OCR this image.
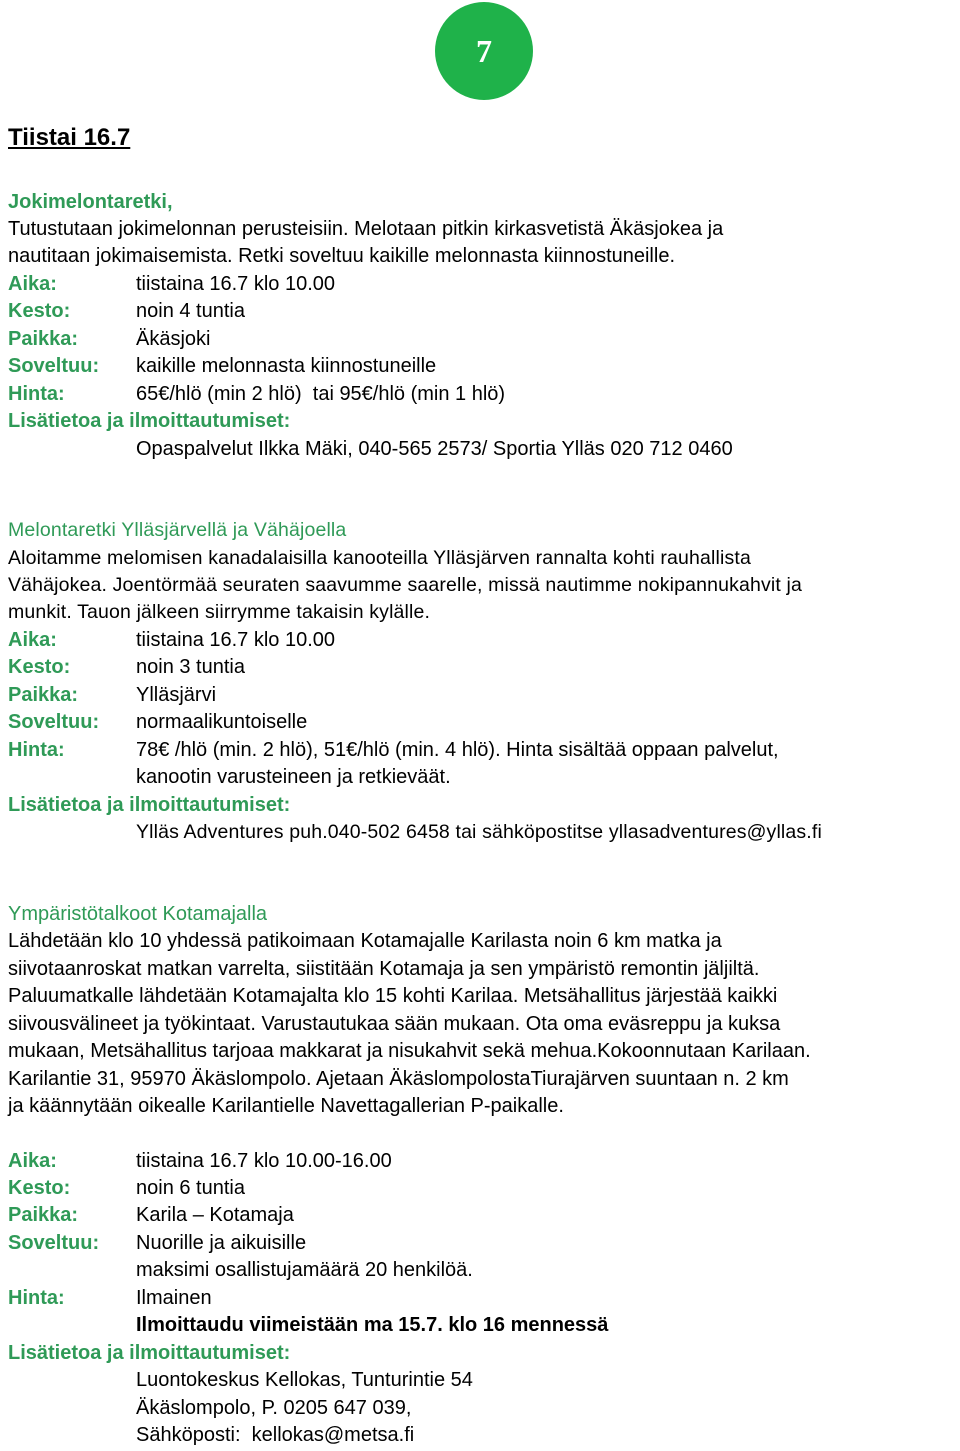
7
Tiistai 16.7
Jokimelontaretki,
Tutustutaan jokimelonnan perusteisiin. Melotaan pitkin kirkasvetistä Äkäsjokea ja
nautitaan jokimaisemista. Retki soveltuu kaikille melonnasta kiinnostuneille.
Aika:	tiistaina 16.7 klo 10.00
Kesto:	noin 4 tuntia
Paikka:	Äkäsjoki
Soveltuu: kaikille melonnasta kiinnostuneille
Hinta:	65€/hlö (min 2 hlö)  tai 95€/hlö (min 1 hlö)
Lisätietoa ja ilmoittautumiset:
Opaspalvelut Ilkka Mäki, 040-565 2573/ Sportia Ylläs 020 712 0460
Melontaretki Ylläsjärvellä ja Vähäjoella
Aloitamme melomisen kanadalaisilla kanooteilla Ylläsjärven rannalta kohti rauhallista
Vähäjokea. Joentörmää seuraten saavumme saarelle, missä nautimme nokipannukahvit ja
munkit. Tauon jälkeen siirrymme takaisin kylälle.
Aika:	tiistaina 16.7 klo 10.00
Kesto:	noin 3 tuntia
Paikka:	Ylläsjärvi
Soveltuu: normaalikuntoiselle
Hinta:	78€ /hlö (min. 2 hlö), 51€/hlö (min. 4 hlö). Hinta sisältää oppaan palvelut,
kanootin varusteineen ja retkieväät.
Lisätietoa ja ilmoittautumiset:
Ylläs Adventures puh.040-502 6458 tai sähköpostitse yllasadventures@yllas.fi
Ympäristötalkoot Kotamajalla
Lähdetään klo 10 yhdessä patikoimaan Kotamajalle Karilasta noin 6 km matka ja
siivotaanroskat matkan varrelta, siistitään Kotamaja ja sen ympäristö remontin jäljiltä.
Paluumatkalle lähdetään Kotamajalta klo 15 kohti Karilaa. Metsähallitus järjestää kaikki
siivousvälineet ja työkintaat. Varustautukaa sään mukaan. Ota oma eväsreppu ja kuksa
mukaan, Metsähallitus tarjoaa makkarat ja nisukahvit sekä mehua.Kokoonnutaan Karilaan.
Karilantie 31, 95970 Äkäslompolo. Ajetaan ÄkäslompolostaTiurajärven suuntaan n. 2 km
ja käännytään oikealle Karilantielle Navettagallerian P-paikalle.
Aika:	tiistaina 16.7 klo 10.00-16.00
Kesto:	noin 6 tuntia
Paikka:	Karila – Kotamaja
Soveltuu: Nuorille ja aikuisille
maksimi osallistujamäärä 20 henkilöä.
Hinta:	Ilmainen
Ilmoittaudu viimeistään ma 15.7. klo 16 mennessä
Lisätietoa ja ilmoittautumiset:
Luontokeskus Kellokas, Tunturintie 54
Äkäslompolo, P. 0205 647 039,
Sähköposti:  kellokas@metsa.fi
